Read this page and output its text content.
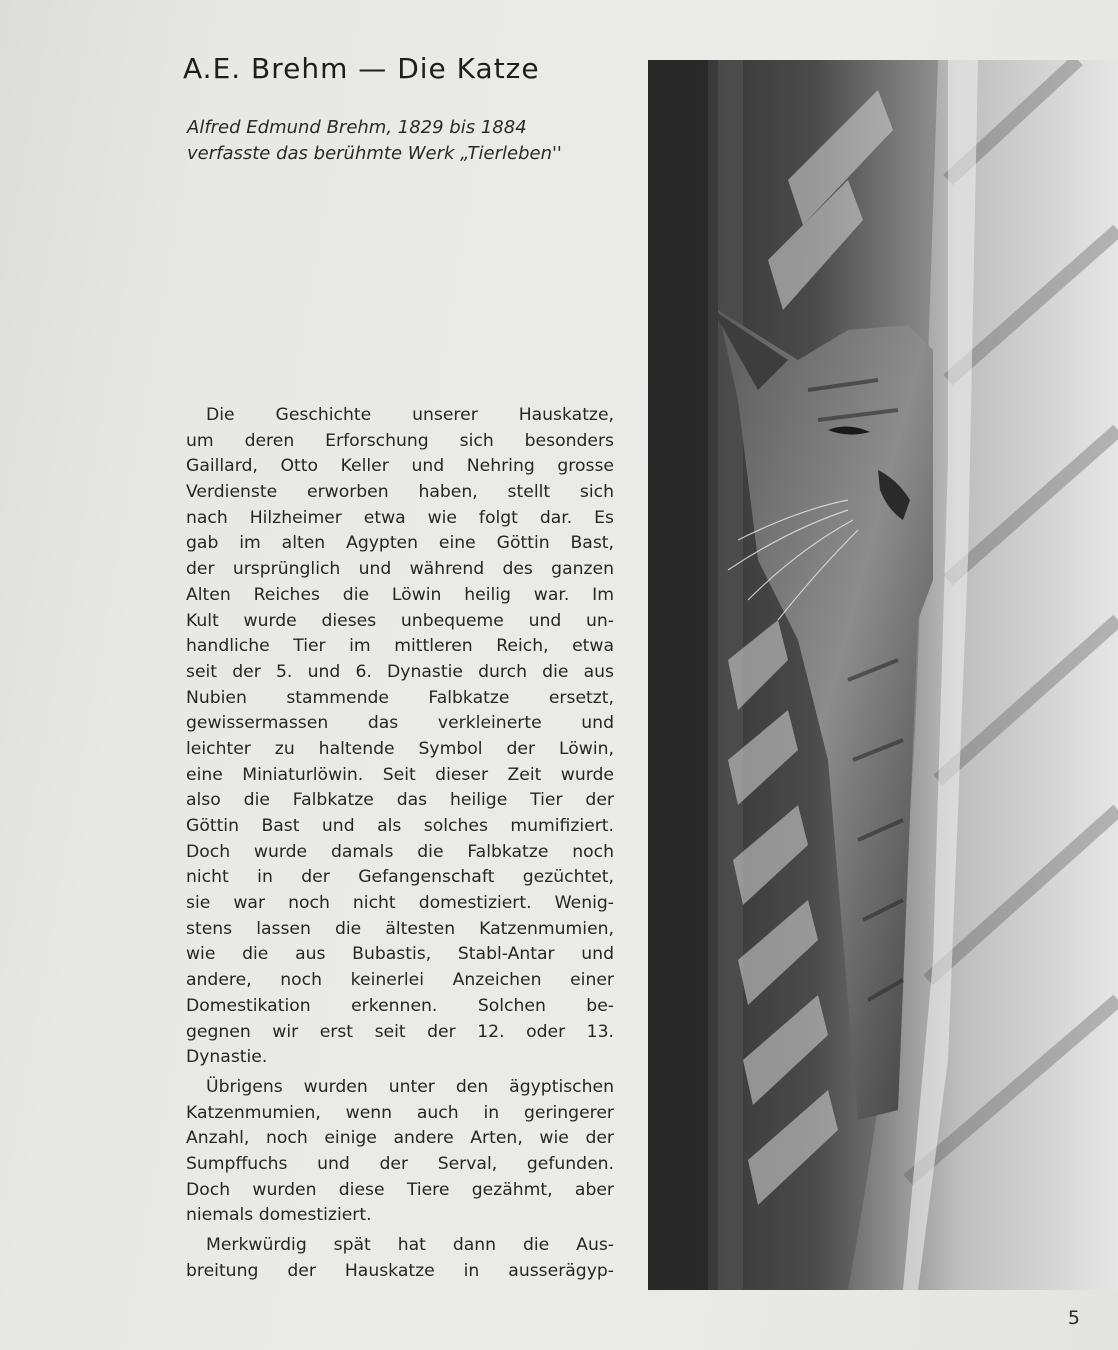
A.E. Brehm — Die Katze
Alfred Edmund Brehm, 1829 bis 1884
verfasste das berühmte Werk „Tierleben''
Die Geschichte unserer Hauskatze,
um deren Erforschung sich besonders
Gaillard, Otto Keller und Nehring grosse
Verdienste erworben haben, stellt sich
nach Hilzheimer etwa wie folgt dar. Es
gab im alten Agypten eine Göttin Bast,
der ursprünglich und während des ganzen
Alten Reiches die Löwin heilig war. Im
Kult wurde dieses unbequeme und un-
handliche Tier im mittleren Reich, etwa
seit der 5. und 6. Dynastie durch die aus
Nubien stammende Falbkatze ersetzt,
gewissermassen das verkleinerte und
leichter zu haltende Symbol der Löwin,
eine Miniaturlöwin. Seit dieser Zeit wurde
also die Falbkatze das heilige Tier der
Göttin Bast und als solches mumifiziert.
Doch wurde damals die Falbkatze noch
nicht in der Gefangenschaft gezüchtet,
sie war noch nicht domestiziert. Wenig-
stens lassen die ältesten Katzenmumien,
wie die aus Bubastis, Stabl-Antar und
andere, noch keinerlei Anzeichen einer
Domestikation erkennen. Solchen be-
gegnen wir erst seit der 12. oder 13.
Dynastie.
Übrigens wurden unter den ägyptischen
Katzenmumien, wenn auch in geringerer
Anzahl, noch einige andere Arten, wie der
Sumpffuchs und der Serval, gefunden.
Doch wurden diese Tiere gezähmt, aber
niemals domestiziert.
Merkwürdig spät hat dann die Aus-
breitung der Hauskatze in ausserägyp-
5
